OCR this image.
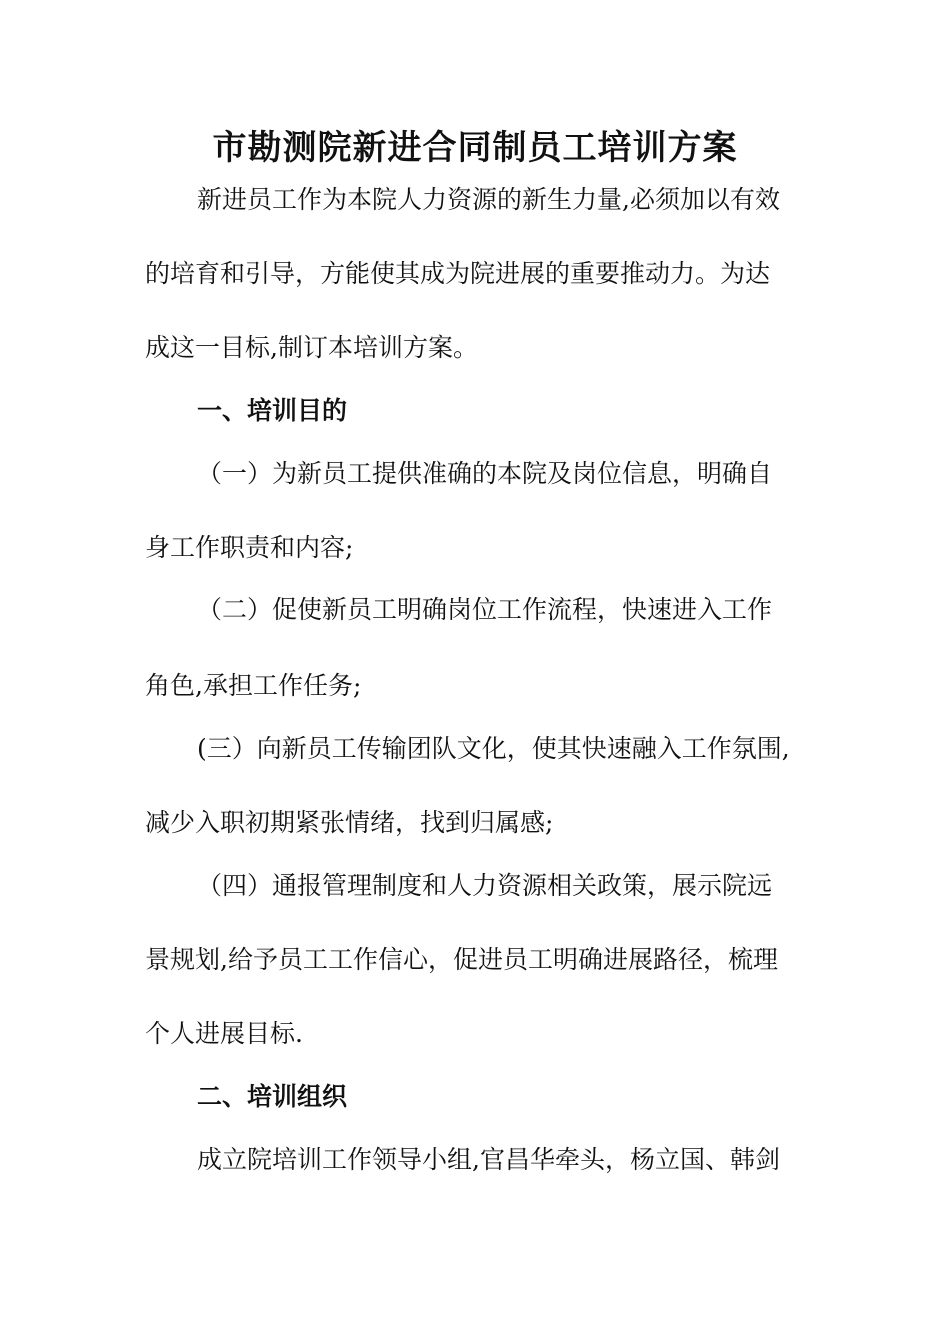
市勘测院新进合同制员工培训方案
新进员工作为本院人力资源的新生力量,必须加以有效
的培育和引导，方能使其成为院进展的重要推动力。为达
成这一目标,制订本培训方案。
一、培训目的
（一）为新员工提供准确的本院及岗位信息，明确自
身工作职责和内容;
（二）促使新员工明确岗位工作流程，快速进入工作
角色,承担工作任务;
(三）向新员工传输团队文化，使其快速融入工作氛围,
减少入职初期紧张情绪，找到归属感;
（四）通报管理制度和人力资源相关政策，展示院远
景规划,给予员工工作信心，促进员工明确进展路径，梳理
个人进展目标.
二、培训组织
成立院培训工作领导小组,官昌华牵头，杨立国、韩剑
